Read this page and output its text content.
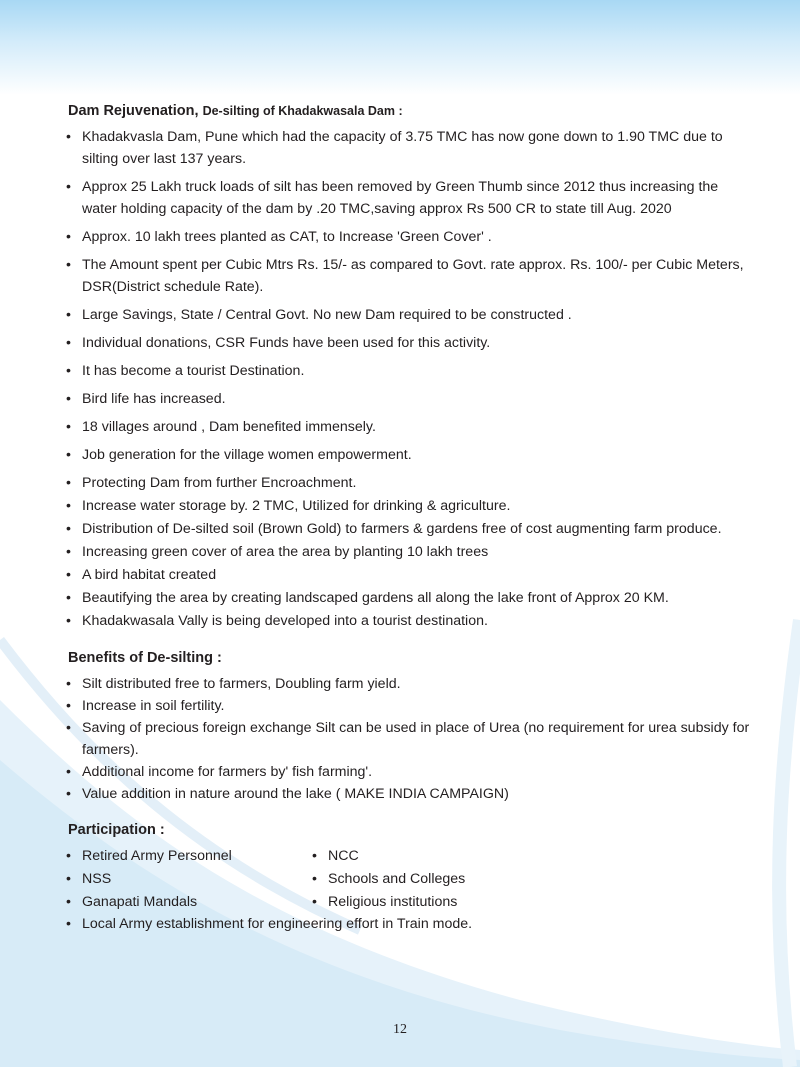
Dam Rejuvenation, De-silting of Khadakwasala Dam :
• Khadakvasla Dam, Pune which had the capacity of 3.75 TMC has now gone down to 1.90 TMC due to silting over last 137 years.
• Approx 25 Lakh truck loads of silt has been removed by Green Thumb since 2012 thus increasing the water holding capacity of the dam by .20 TMC,saving approx Rs 500 CR to state till Aug. 2020
• Approx. 10 lakh trees planted as CAT, to Increase 'Green Cover' .
• The Amount spent per Cubic Mtrs Rs. 15/- as compared to Govt. rate approx. Rs. 100/- per Cubic Meters, DSR(District schedule Rate).
• Large Savings, State / Central Govt. No new Dam required to be constructed .
• Individual donations, CSR Funds have been used for this activity.
• It has become a tourist Destination.
• Bird life has increased.
• 18 villages around , Dam benefited immensely.
• Job generation for the village women empowerment.
• Protecting Dam from further Encroachment.
• Increase water storage by. 2 TMC, Utilized for drinking & agriculture.
• Distribution of De-silted soil (Brown Gold) to farmers & gardens free of cost augmenting farm produce.
• Increasing green cover of area the area by planting 10 lakh trees
• A bird habitat created
• Beautifying the area by creating landscaped gardens all along the lake front of Approx 20 KM.
• Khadakwasala Vally is being developed into a tourist destination.
Benefits of De-silting :
• Silt distributed free to farmers, Doubling farm yield.
• Increase in soil fertility.
• Saving of precious foreign exchange Silt can be used in place of Urea (no requirement for urea subsidy for farmers).
• Additional income for farmers by' fish farming'.
• Value addition in nature around the lake ( MAKE INDIA CAMPAIGN)
Participation :
• Retired Army Personnel	• NCC
• NSS	• Schools and Colleges
• Ganapati Mandals	• Religious institutions
• Local Army establishment for engineering effort in Train mode.
12
